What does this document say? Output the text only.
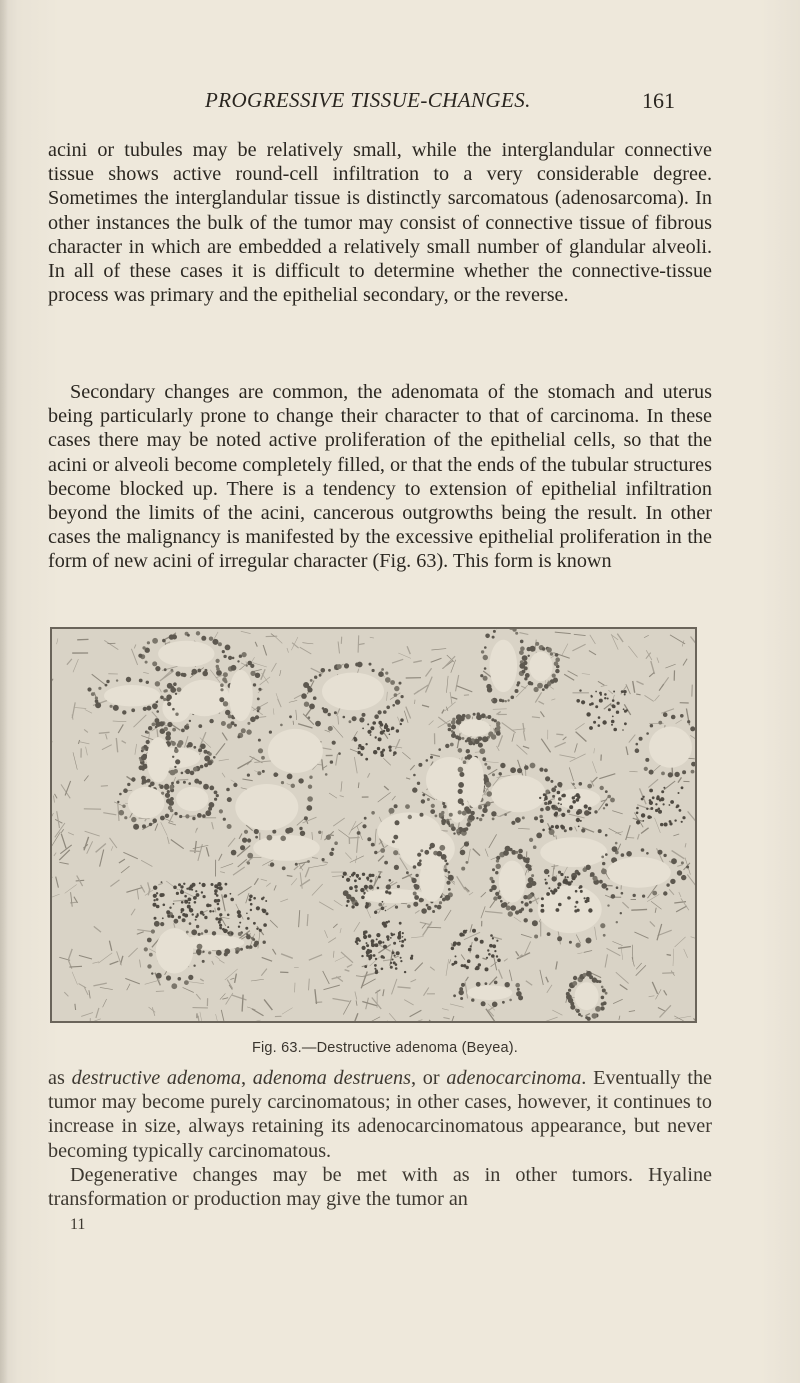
PROGRESSIVE TISSUE-CHANGES.	161

acini or tubules may be relatively small, while the interglandular connective tissue shows active round-cell infiltration to a very considerable degree. Sometimes the interglandular tissue is distinctly sarcomatous (adenosarcoma). In other instances the bulk of the tumor may consist of connective tissue of fibrous character in which are embedded a relatively small number of glandular alveoli. In all of these cases it is difficult to determine whether the connective-tissue process was primary and the epithelial secondary, or the reverse.

Secondary changes are common, the adenomata of the stomach and uterus being particularly prone to change their character to that of carcinoma. In these cases there may be noted active proliferation of the epithelial cells, so that the acini or alveoli become completely filled, or that the ends of the tubular structures become blocked up. There is a tendency to extension of epithelial infiltration beyond the limits of the acini, cancerous outgrowths being the result. In other cases the malignancy is manifested by the excessive epithelial proliferation in the form of new acini of irregular character (Fig. 63). This form is known

Fig. 63.—Destructive adenoma (Beyea).

as destructive adenoma, adenoma destruens, or adenocarcinoma. Eventually the tumor may become purely carcinomatous; in other cases, however, it continues to increase in size, always retaining its adenocarcinomatous appearance, but never becoming typically carcinomatous.

Degenerative changes may be met with as in other tumors. Hyaline transformation or production may give the tumor an

11
